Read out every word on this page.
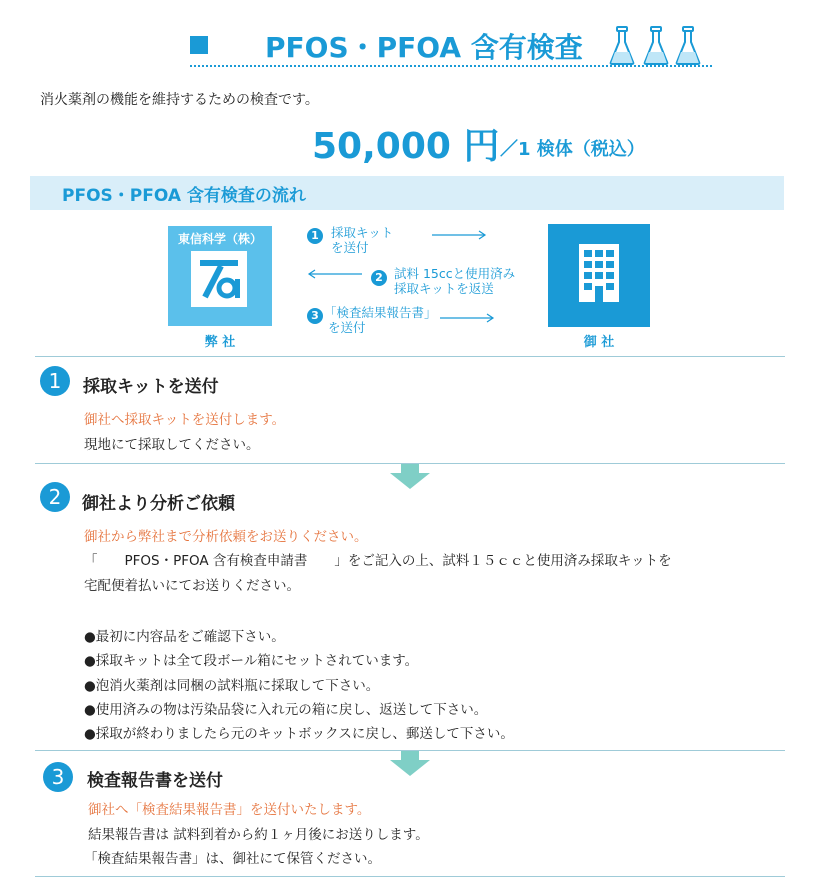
PFOS・PFOA 含有検査
消火薬剤の機能を維持するための検査です。
50,000 円 ／1 検体（税込）
PFOS・PFOA 含有検査の流れ
東信科学（株）
弊 社	御 社
1 採取キット
を送付
2 試料 15ccと使用済み
採取キットを返送
3 「検査結果報告書」
を送付
1	採取キットを送付
御社へ採取キットを送付します。
現地にて採取してください。
2	御社より分析ご依頼
御社から弊社まで分析依頼をお送りください。
「　　PFOS・PFOA 含有検査申請書　　」をご記入の上、試料１５ｃｃと使用済み採取キットを
宅配便着払いにてお送りください。
●最初に内容品をご確認下さい。
●採取キットは全て段ボール箱にセットされています。
●泡消火薬剤は同梱の試料瓶に採取して下さい。
●使用済みの物は汚染品袋に入れ元の箱に戻し、返送して下さい。
●採取が終わりましたら元のキットボックスに戻し、郵送して下さい。
3	検査報告書を送付
御社へ「検査結果報告書」を送付いたします。
結果報告書は 試料到着から約１ヶ月後にお送りします。
「検査結果報告書」は、御社にて保管ください。
